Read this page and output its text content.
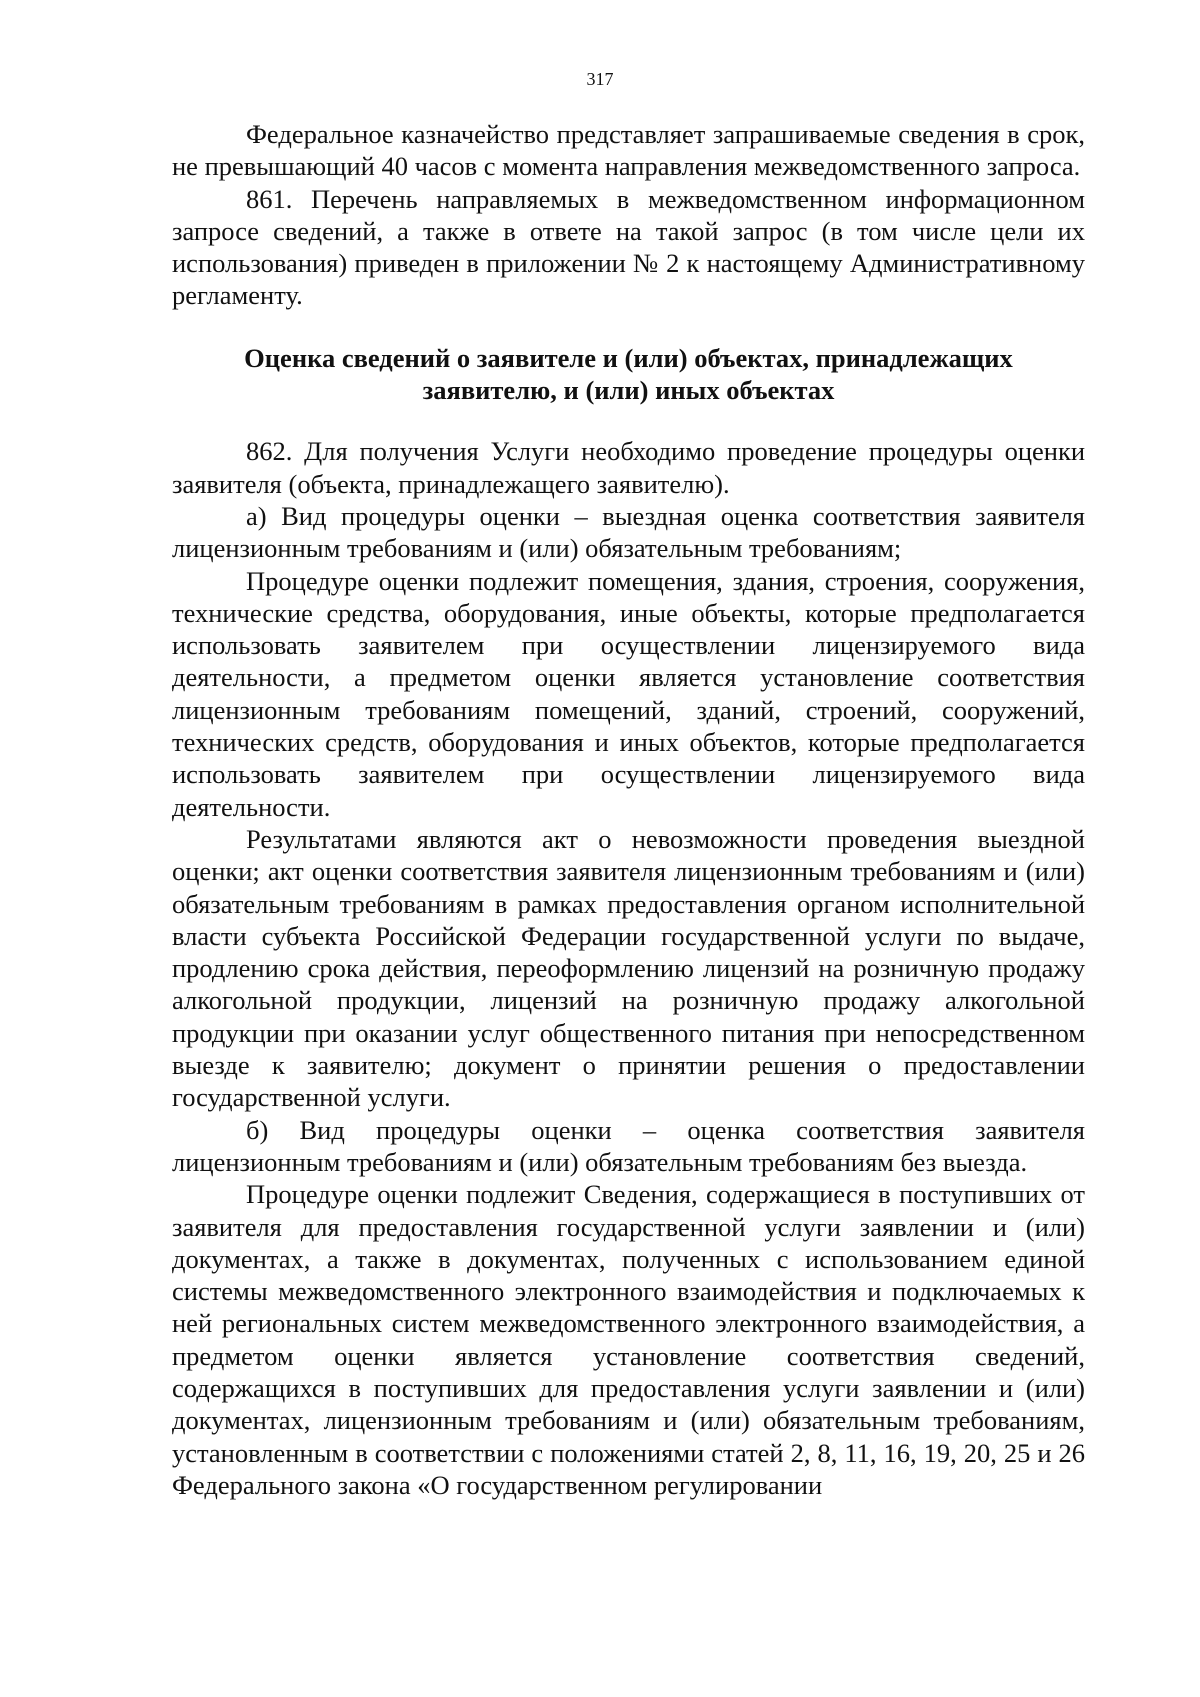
317

Федеральное казначейство представляет запрашиваемые сведения в срок, не превышающий 40 часов с момента направления межведомственного запроса.

861. Перечень направляемых в межведомственном информационном запросе сведений, а также в ответе на такой запрос (в том числе цели их использования) приведен в приложении № 2 к настоящему Административному регламенту.

Оценка сведений о заявителе и (или) объектах, принадлежащих
заявителю, и (или) иных объектах

862. Для получения Услуги необходимо проведение процедуры оценки заявителя (объекта, принадлежащего заявителю).

а) Вид процедуры оценки – выездная оценка соответствия заявителя лицензионным требованиям и (или) обязательным требованиям;

Процедуре оценки подлежит помещения, здания, строения, сооружения, технические средства, оборудования, иные объекты, которые предполагается использовать заявителем при осуществлении лицензируемого вида деятельности, а предметом оценки является установление соответствия лицензионным требованиям помещений, зданий, строений, сооружений, технических средств, оборудования и иных объектов, которые предполагается использовать заявителем при осуществлении лицензируемого вида деятельности.

Результатами являются акт о невозможности проведения выездной оценки; акт оценки соответствия заявителя лицензионным требованиям и (или) обязательным требованиям в рамках предоставления органом исполнительной власти субъекта Российской Федерации государственной услуги по выдаче, продлению срока действия, переоформлению лицензий на розничную продажу алкогольной продукции, лицензий на розничную продажу алкогольной продукции при оказании услуг общественного питания при непосредственном выезде к заявителю; документ о принятии решения о предоставлении государственной услуги.

б) Вид процедуры оценки – оценка соответствия заявителя лицензионным требованиям и (или) обязательным требованиям без выезда.

Процедуре оценки подлежит Сведения, содержащиеся в поступивших от заявителя для предоставления государственной услуги заявлении и (или) документах, а также в документах, полученных с использованием единой системы межведомственного электронного взаимодействия и подключаемых к ней региональных систем межведомственного электронного взаимодействия, а предметом оценки является установление соответствия сведений, содержащихся в поступивших для предоставления услуги заявлении и (или) документах, лицензионным требованиям и (или) обязательным требованиям, установленным в соответствии с положениями статей 2, 8, 11, 16, 19, 20, 25 и 26 Федерального закона «О государственном регулировании
